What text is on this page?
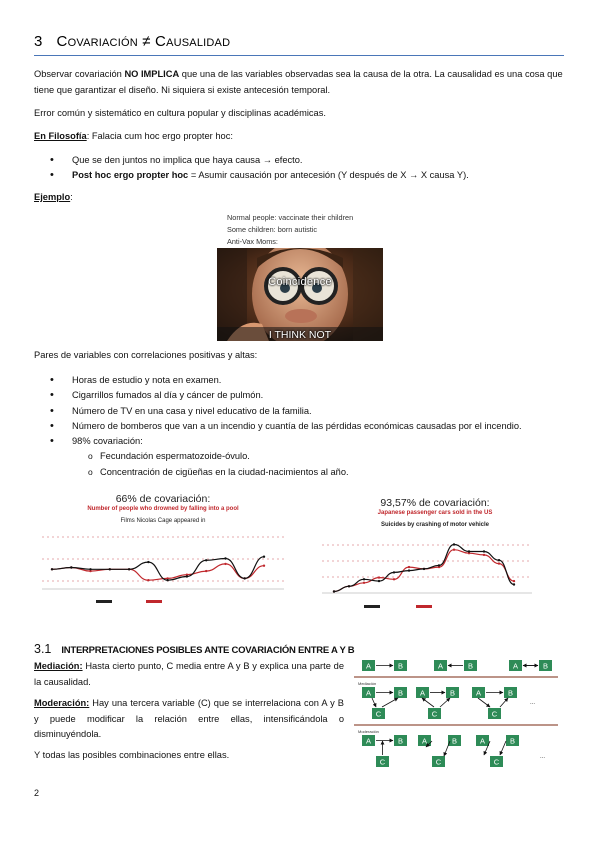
3 COVARIACIÓN ≠ CAUSALIDAD

Observar covariación NO IMPLICA que una de las variables observadas sea la causa de la otra. La causalidad es una cosa que tiene que garantizar el diseño. Ni siquiera si existe antecesión temporal.

Error común y sistemático en cultura popular y disciplinas académicas.

En Filosofía: Falacia cum hoc ergo propter hoc:

• Que se den juntos no implica que haya causa → efecto.
• Post hoc ergo propter hoc = Asumir causación por antecesión (Y después de X → X causa Y).

Ejemplo:

Normal people: vaccinate their children
Some children: born autistic
Anti-Vax Moms:
Coincidence
I THINK NOT

Pares de variables con correlaciones positivas y altas:

• Horas de estudio y nota en examen.
• Cigarrillos fumados al día y cáncer de pulmón.
• Número de TV en una casa y nivel educativo de la familia.
• Número de bomberos que van a un incendio y cuantía de las pérdidas económicas causadas por el incendio.
• 98% covariación:
o Fecundación espermatozoide-óvulo.
o Concentración de cigüeñas en la ciudad-nacimientos al año.
66% de covariación:
Number of people who drowned by falling into a pool
Films Nicolas Cage appeared in
93,57% de covariación:
Japanese passenger cars sold in the US
Suicides by crashing of motor vehicle
3.1 INTERPRETACIONES POSIBLES ANTE COVARIACIÓN ENTRE A Y B

Mediación: Hasta cierto punto, C media entre A y B y explica una parte de la causalidad.

Moderación: Hay una tercera variable (C) que se interrelaciona con A y B y puede modificar la relación entre ellas, intensificándola o disminuyéndola.

Y todas las posibles combinaciones entre ellas.

A	B	A	B	A	B
A	B
C
A	B
C
A	B
C
A	B
C
A	B
C
A	B
C
Mediación
Moderación
...
...
2
